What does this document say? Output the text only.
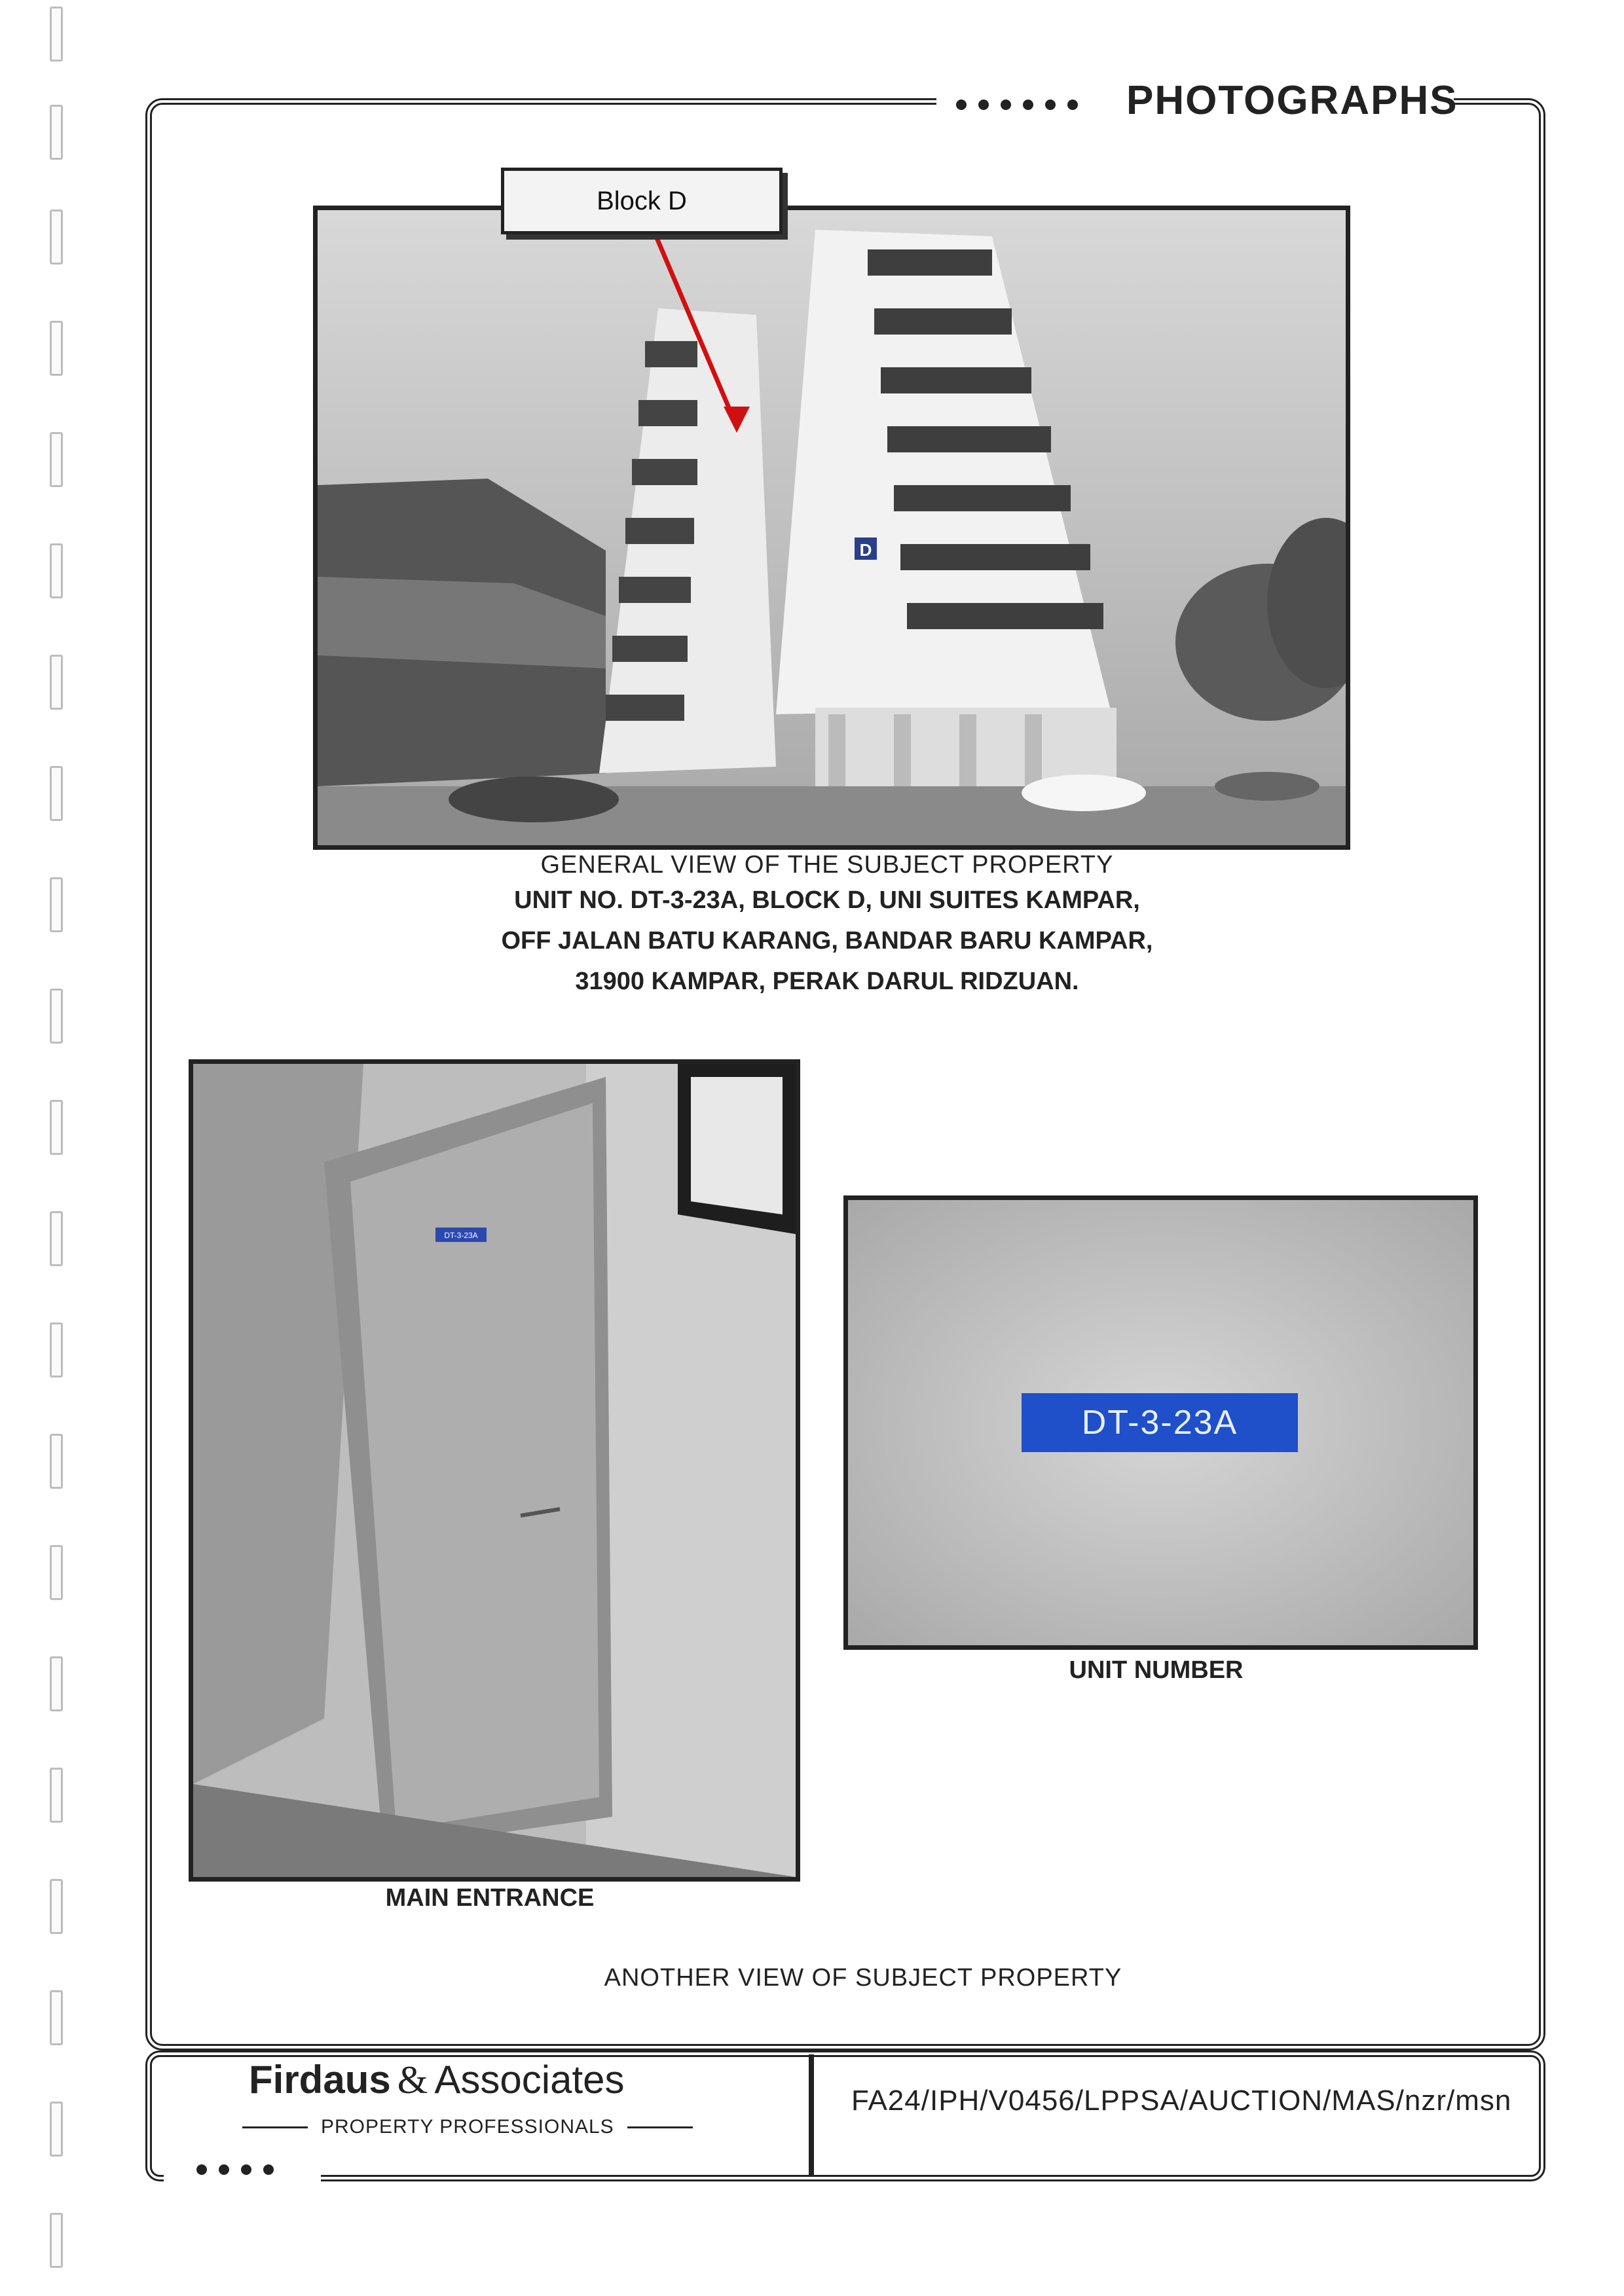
PHOTOGRAPHS
D
Block D
GENERAL VIEW OF THE SUBJECT PROPERTY
UNIT NO. DT-3-23A, BLOCK D, UNI SUITES KAMPAR,
OFF JALAN BATU KARANG, BANDAR BARU KAMPAR,
31900 KAMPAR, PERAK DARUL RIDZUAN.
DT-3-23A
MAIN ENTRANCE
DT-3-23A
UNIT NUMBER
ANOTHER VIEW OF SUBJECT PROPERTY
Firdaus & Associates
PROPERTY PROFESSIONALS
FA24/IPH/V0456/LPPSA/AUCTION/MAS/nzr/msn
